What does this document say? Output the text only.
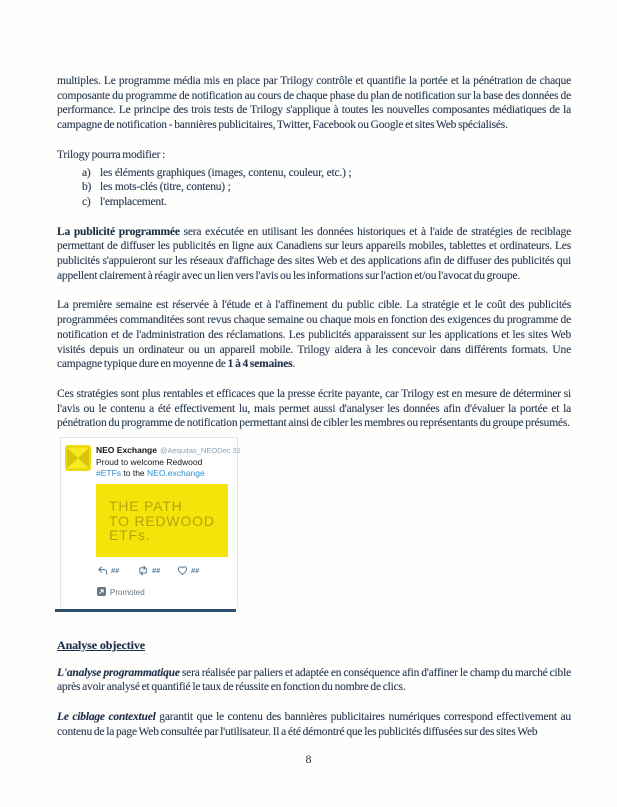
multiples. Le programme média mis en place par Trilogy contrôle et quantifie la portée et la pénétration de chaque composante du programme de notification au cours de chaque phase du plan de notification sur la base des données de performance. Le principe des trois tests de Trilogy s'applique à toutes les nouvelles composantes médiatiques de la campagne de notification - bannières publicitaires, Twitter, Facebook ou Google et sites Web spécialisés.

Trilogy pourra modifier :

a) les éléments graphiques (images, contenu, couleur, etc.) ;
b) les mots-clés (titre, contenu) ;
c) l'emplacement.

La publicité programmée sera exécutée en utilisant les données historiques et à l'aide de stratégies de reciblage permettant de diffuser les publicités en ligne aux Canadiens sur leurs appareils mobiles, tablettes et ordinateurs. Les publicités s'appuieront sur les réseaux d'affichage des sites Web et des applications afin de diffuser des publicités qui appellent clairement à réagir avec un lien vers l'avis ou les informations sur l'action et/ou l'avocat du groupe.

La première semaine est réservée à l'étude et à l'affinement du public cible. La stratégie et le coût des publicités programmées commanditées sont revus chaque semaine ou chaque mois en fonction des exigences du programme de notification et de l'administration des réclamations. Les publicités apparaissent sur les applications et les sites Web visités depuis un ordinateur ou un appareil mobile. Trilogy aidera à les concevoir dans différents formats. Une campagne typique dure en moyenne de 1 à 4 semaines.

Ces stratégies sont plus rentables et efficaces que la presse écrite payante, car Trilogy est en mesure de déterminer si l'avis ou le contenu a été effectivement lu, mais permet aussi d'analyser les données afin d'évaluer la portée et la pénétration du programme de notification permettant ainsi de cibler les membres ou représentants du groupe présumés.

NEO Exchange @Aequitas_NEO Dec 31
Proud to welcome Redwood #ETFs to the NEO.exchange
THE PATH
TO REDWOOD
ETFs.
##	##	##
Promoted
Analyse objective

L'analyse programmatique sera réalisée par paliers et adaptée en conséquence afin d'affiner le champ du marché cible après avoir analysé et quantifié le taux de réussite en fonction du nombre de clics.

Le ciblage contextuel garantit que le contenu des bannières publicitaires numériques correspond effectivement au contenu de la page Web consultée par l'utilisateur. Il a été démontré que les publicités diffusées sur des sites Web

8
